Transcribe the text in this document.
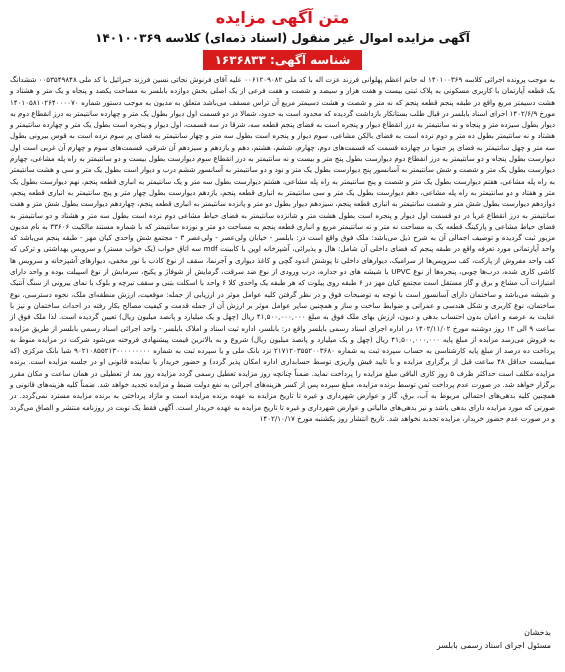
متن آگهی مزایده
آگهی مزایده اموال غیر منقول (اسناد ذمه‌ای) کلاسه ۱۴۰۱۰۰۳۶۹
شناسه آگهی: ۱۶۳۶۸۳۳

به موجب پرونده اجرائی کلاسه ۱۴۰۱۰۰۳۶۹ له خانم اعظم پهلوانی فرزند عزت اله با کد ملی ۰۰۶۱۲۰۹۰۸۲ علیه آقای فرنوش نجاتی نسین فرزند جبرائیل با کد ملی ۰۰۵۳۵۴۹۸۴۸ ششدانگ یک قطعه آپارتمان با کاربری مسکونی به پلاک ثبتی بیست و هفت هزار و سیصد و شصت و هفت فرعی از یک اصلی بخش دوازده بابلسر به مساحت یکصد و پنجاه و یک متر و هشتاد و هشت دسیمتر مربع واقع در طبقه پنجم قطعه پنجم که نه متر و شصت و هشت دسیمتر مربع آن تراس مسقف می‌باشد متعلق به مدیون به موجب دستور شماره ۱۴۰۱۰۵۸۱۰۲۶۴۰۰۰۰۷۰ مورخ ۱۴۰۲/۶/۹ اجرای اسناد بابلسر در قبال طلب بستانکار بازداشت گردیده که محدود است به حدود، شمالا در دو قسمت اول دیوار بطول یک متر و چهارده سانتیمتر به درز انقطاع دوم به دیوار بطول سیزده متر و پنجاه و نه سانتیمتر به درز انقطاع دیوار و پنجره است به فضای پنجم قطعه سه، شرقا در سه قسمت، اول دیوار و پنجره است بطول یک متر و چهارده سانتیمتر و هشتاد و نه سانتیمتر بطول ده متر و دوم نرده است به فضای بالکن مشاعی، سوم دیوار و پنجره است بطول سه متر و چهار سانتیمتر به فضای پر سوم نرده است به قوس بیرونی بطول سه متر و چهل سانتیمتر به فضای پر جنوبا در چهارده قسمت که قسمت‌های دوم، چهارم، ششم، هشتم، دهم و یازدهم و سیزدهم آن شرقی، قسمت‌های سوم و چهارم آن غربی است اول دیوارست بطول پنجاه و دو سانتیمتر به درز انقطاع دوم دیوارست بطول پنج متر و بیست و نه سانتیمتر به درز انقطاع سوم دیوارست بطول بیست و دو سانتیمتر به راه پله مشاعی، چهارم دیوارست بطول یک متر و شصت و شش سانتیمتر به آسانسور پنج دیوارست بطول یک متر و نود و دو سانتیمتر به آسانسور ششم درب و دیوار است بطول یک متر و سی و هشت سانتیمتر به راه پله مشاعی، هفتم دیوارست بطول یک متر و شصت و پنج سانتیمتر به راه پله مشاعی، هشتم دیوارست بطول سه متر و یک سانتیمتر به انباری قطعه پنجم، نهم دیوارست بطول یک متر و هفتاد و دو سانتیمتر به راه پله مشاعی، دهم دیوارست بطول یک متر و سی سانتیمتر به انباری قطعه پنجم، یازدهم دیوارست بطول چهار متر و پنج سانتیمتر به انباری قطعه پنجم، دوازدهم دیوارست بطول شش متر و شصت سانتیمتر به انباری قطعه پنجم، سیزدهم دیوار بطول دو متر و پانزده سانتیمتر به انباری قطعه پنجم، چهاردهم دیوارست بطول شش متر و هفت سانتیمتر به درز انقطاع غربا در دو قسمت اول دیوار و پنجره است بطول هشت متر و شانزده سانتیمتر به فضای حیاط مشاعی دوم نرده است بطول سه متر و هشتاد و دو سانتیمتر به فضای حیاط مشاعی و پارکینگ قطعه یک به مساحت نه متر و نه سانتیمتر مربع و انباری قطعه پنجم به مساحت دو متر و نوزده سانتیمتر که با شماره مستند مالکیت ۳۳۶۰۶ به نام مدیون مزبور ثبت گردیده و توصیف اجمالی آن به شرح ذیل می‌باشد: ملک فوق واقع است در: بابلسر - خیابان ولی‌عصر - ولی‌عصر ۳ - مجتمع شش واحدی کیان مهر - طبقه پنجم می‌باشد که واحد آپارتمانی مورد تعرفه واقع در طبقه پنجم که فضای داخلی آن شامل: هال و پذیرائی، آشپزخانه اوپن با کابینت mdf سه اتاق خواب (یک خواب مستر) و سرویس بهداشتی و ترکی که کف واحد مفروش از پارکت، کف سرویس‌ها از سرامیک، دیوارهای داخلی تا پوشش اندود گچی و کاغذ دیواری و آجرنما، سقف از نوع کاذب با نور مخفی، دیوارهای آشپزخانه و سرویس ها کاشی کاری شده، درب‌ها چوبی، پنجره‌ها از نوع UPVC با شیشه های دو جداره، درب ورودی از نوع ضد سرقت، گرمایش از شوفاژ و پکیج، سرمایش از نوع اسپیلت بوده و واحد دارای امتیازات آب مشاع و برق و گاز مستقل است مجتمع کیان مهر در ۶ طبقه روی پیلوت که هر طبقه یک واحدی کلا ۶ واحد با اسکلت بتنی و سقف تیرچه و بلوک با نمای بیرونی از سنگ آنتیک و شیشه می‌باشد و ساختمان دارای آسانسور است با توجه به توضیحات فوق و در نظر گرفتن کلیه عوامل موثر در ارزیابی از جمله: موقعیت، ارزش منطقه‌ای ملک، نحوه دسترسی، نوع ساختمان، نوع کاربری و شکل هندسی و عمرانی و ضوابط ساخت و ساز و همچنین سایر عوامل موثر بر ارزش آن از جمله قدمت و کیفیت مصالح بکار رفته در احداث ساختمان و نیز با عنایت به عرصه و اعیان بدون احتساب بدهی و دیون، ارزش بهای ملک فوق به مبلغ ۴۱,۵۰۰,۰۰۰,۰۰۰ ریال (چهل و یک میلیارد و پانصد میلیون ریال) تعیین گردیده است. لذا ملک فوق از ساعت ۹ الی ۱۲ روز دوشنبه مورخ ۱۴۰۲/۱۱/۰۲ در اداره اجرای اسناد رسمی بابلسر واقع در: بابلسر، اداره ثبت اسناد و املاک بابلسر - واحد اجرائی اسناد رسمی بابلسر از طریق مزایده به فروش می‌رسد مزایده از مبلغ پایه ۴۱,۵۰۰,۰۰۰,۰۰۰ ریال (چهل و یک میلیارد و پانصد میلیون ریال) شروع و به بالاترین قیمت پیشنهادی فروخته می‌شود شرکت در مزایده منوط به پرداخت ده درصد از مبلغ پایه کارشناسی به حساب سپرده ثبت به شماره ۲۱۷۱۲۰۳۵۵۲۰۰۳۶۸۰ نزد بانک ملی و یا سپرده ثبت به شماره ۹۰۲۱۰۸۵۵۲۱۳۰۰۰۰۰۰۰۰۰ شبا بانک مرکزی (که میبایست حداقل ۴۸ ساعت قبل از برگزاری مزایده و با تایید فیش واریزی توسط حسابداری اداره امکان پذیر گردد) و حضور خریدار یا نماینده قانونی او در جلسه مزایده است. برنده مزایده مکلف است حداکثر ظرف ۵ روز کاری الباقی مبلغ مزایده را پرداخت نماید. ضمناً چنانچه روز مزایده تعطیل رسمی گردد مزایده روز بعد از تعطیلی در همان ساعت و مکان مقرر برگزار خواهد شد. در صورت عدم پرداخت ثمن توسط برنده مزایده، مبلغ سپرده پس از کسر هزینه‌های اجرائی به نفع دولت ضبط و مزایده تجدید خواهد شد. ضمناً کلیه هزینه‌های قانونی و همچنین کلیه بدهی‌های احتمالی مربوط به آب، برق، گاز و عوارض شهرداری و غیره تا تاریخ مزایده به عهده برنده مزایده است و مازاد پرداختی به برنده مزایده مسترد نمی‌گردد. در صورتی که مورد مزایده دارای بدهی باشد و نیز بدهی‌های مالیاتی و عوارض شهرداری و غیره تا تاریخ مزایده به عهده خریدار است. آگهی فقط یک نوبت در روزنامه منتشر و الصاق می‌گردد و در صورت عدم حضور خریدار، مزایده تجدید نخواهد شد. تاریخ انتشار روز یکشنبه مورخ ۱۴۰۲/۱۰/۱۷

بدخشان
مسئول اجرای اسناد رسمی بابلسر
